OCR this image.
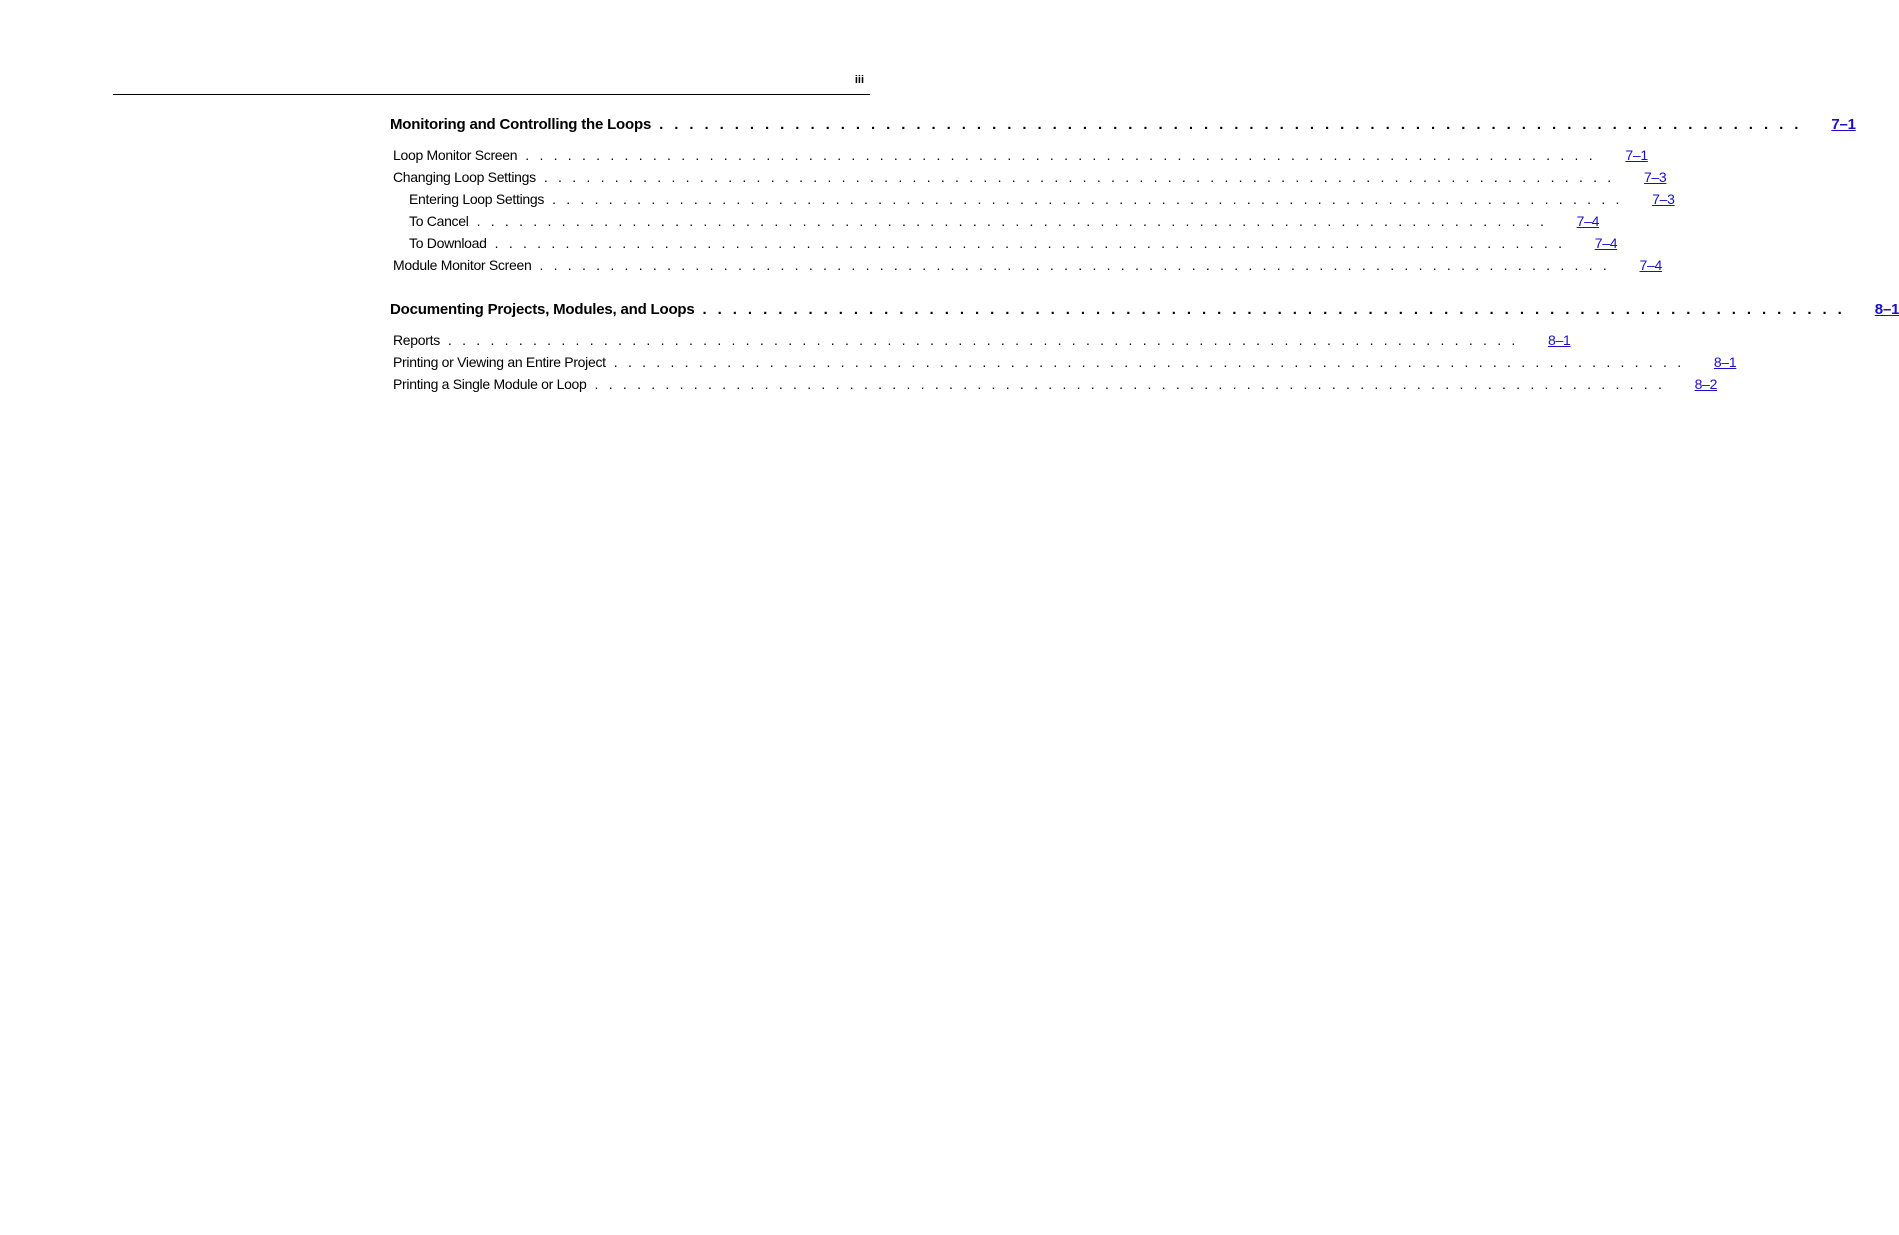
iii
Monitoring and Controlling the Loops . . . . . . . . . . . . . . . . . . . . . . . . . . . . . . . . . . . . . . . . . . . . . . . . . . . . . . . . . . . . . . . . . . . . . . . . . . . .	7–1
Loop Monitor Screen . . . . . . . . . . . . . . . . . . . . . . . . . . . . . . . . . . . . . . . . . . . . . . . . . . . . . . . . . . . . . . . . . . . . . . . . . . . .	7–1
Changing Loop Settings . . . . . . . . . . . . . . . . . . . . . . . . . . . . . . . . . . . . . . . . . . . . . . . . . . . . . . . . . . . . . . . . . . . . . . . . . . . .	7–3
Entering Loop Settings . . . . . . . . . . . . . . . . . . . . . . . . . . . . . . . . . . . . . . . . . . . . . . . . . . . . . . . . . . . . . . . . . . . . . . . . . . . .	7–3
To Cancel . . . . . . . . . . . . . . . . . . . . . . . . . . . . . . . . . . . . . . . . . . . . . . . . . . . . . . . . . . . . . . . . . . . . . . . . . . . .	7–4
To Download . . . . . . . . . . . . . . . . . . . . . . . . . . . . . . . . . . . . . . . . . . . . . . . . . . . . . . . . . . . . . . . . . . . . . . . . . . . .	7–4
Module Monitor Screen . . . . . . . . . . . . . . . . . . . . . . . . . . . . . . . . . . . . . . . . . . . . . . . . . . . . . . . . . . . . . . . . . . . . . . . . . . . .	7–4
Documenting Projects, Modules, and Loops . . . . . . . . . . . . . . . . . . . . . . . . . . . . . . . . . . . . . . . . . . . . . . . . . . . . . . . . . . . . . . . . . . . . . . . . . . . .	8–1
Reports . . . . . . . . . . . . . . . . . . . . . . . . . . . . . . . . . . . . . . . . . . . . . . . . . . . . . . . . . . . . . . . . . . . . . . . . . . . .	8–1
Printing or Viewing an Entire Project . . . . . . . . . . . . . . . . . . . . . . . . . . . . . . . . . . . . . . . . . . . . . . . . . . . . . . . . . . . . . . . . . . . . . . . . . . . .	8–1
Printing a Single Module or Loop . . . . . . . . . . . . . . . . . . . . . . . . . . . . . . . . . . . . . . . . . . . . . . . . . . . . . . . . . . . . . . . . . . . . . . . . . . . .	8–2
